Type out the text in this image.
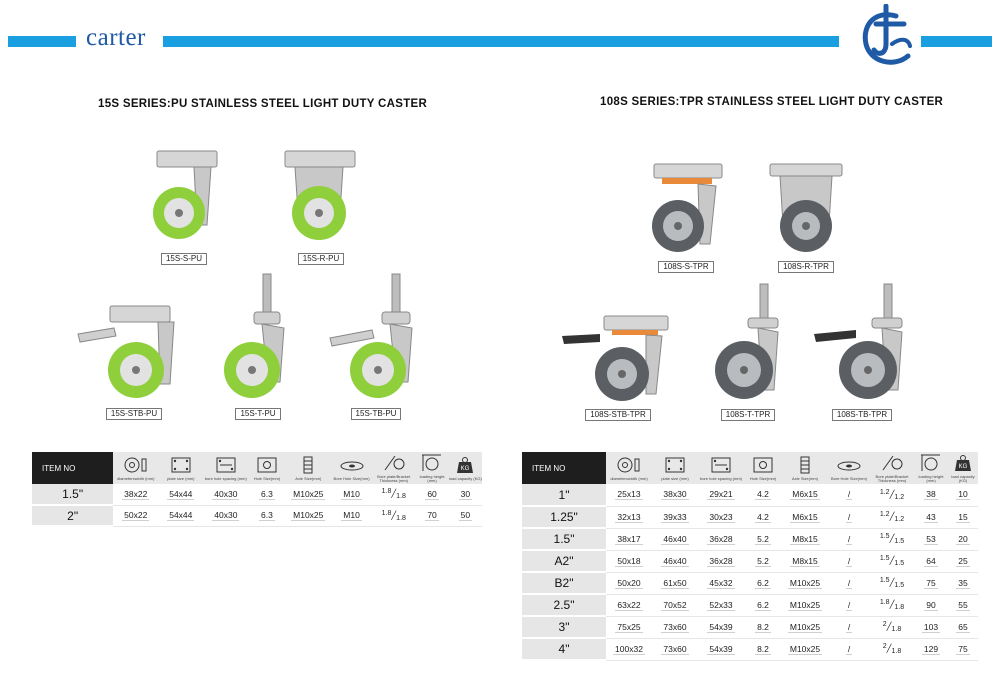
carter
15S SERIES:PU STAINLESS STEEL LIGHT DUTY CASTER	108S SERIES:TPR STAINLESS STEEL LIGHT DUTY CASTER
15S-S-PU	15S-R-PU
15S-STB-PU	15S-T-PU	15S-TB-PU
108S-S-TPR	108S-R-TPR
108S-STB-TPR	108S-T-TPR	108S-TB-TPR
ITEM NO	diameterxwidth (mm)	plate size (mm)	bore hole spacing (mm)	Hole Size(mm)	Axle Size(mm)	Bore Hole Size(mm)	Bore plate/Bracket Thickness (mm)	loading height (mm)	KG
load capacity (KG)

1.5"	38x22	54x44	40x30	6.3	M10x25	M10	$^{1.8}╱_{1.8}$	60	30
2"	50x22	54x44	40x30	6.3	M10x25	M10	$^{1.8}╱_{1.8}$	70	50
ITEM NO	diameterxwidth (mm)	plate size (mm)	bore hole spacing (mm)	Hole Size(mm)	Axle Size(mm)	Bore Hole Size(mm)	Bore plate/Bracket Thickness (mm)	loading height (mm)	KG
load capacity (KG)

1"	25x13	38x30	29x21	4.2	M6x15	/	$^{1.2}╱_{1.2}$	38	10
1.25"	32x13	39x33	30x23	4.2	M6x15	/	$^{1.2}╱_{1.2}$	43	15
1.5"	38x17	46x40	36x28	5.2	M8x15	/	$^{1.5}╱_{1.5}$	53	20
A2"	50x18	46x40	36x28	5.2	M8x15	/	$^{1.5}╱_{1.5}$	64	25
B2"	50x20	61x50	45x32	6.2	M10x25	/	$^{1.5}╱_{1.5}$	75	35
2.5"	63x22	70x52	52x33	6.2	M10x25	/	$^{1.8}╱_{1.8}$	90	55
3"	75x25	73x60	54x39	8.2	M10x25	/	$^2╱_{1.8}$	103	65
4"	100x32	73x60	54x39	8.2	M10x25	/	$^2╱_{1.8}$	129	75
